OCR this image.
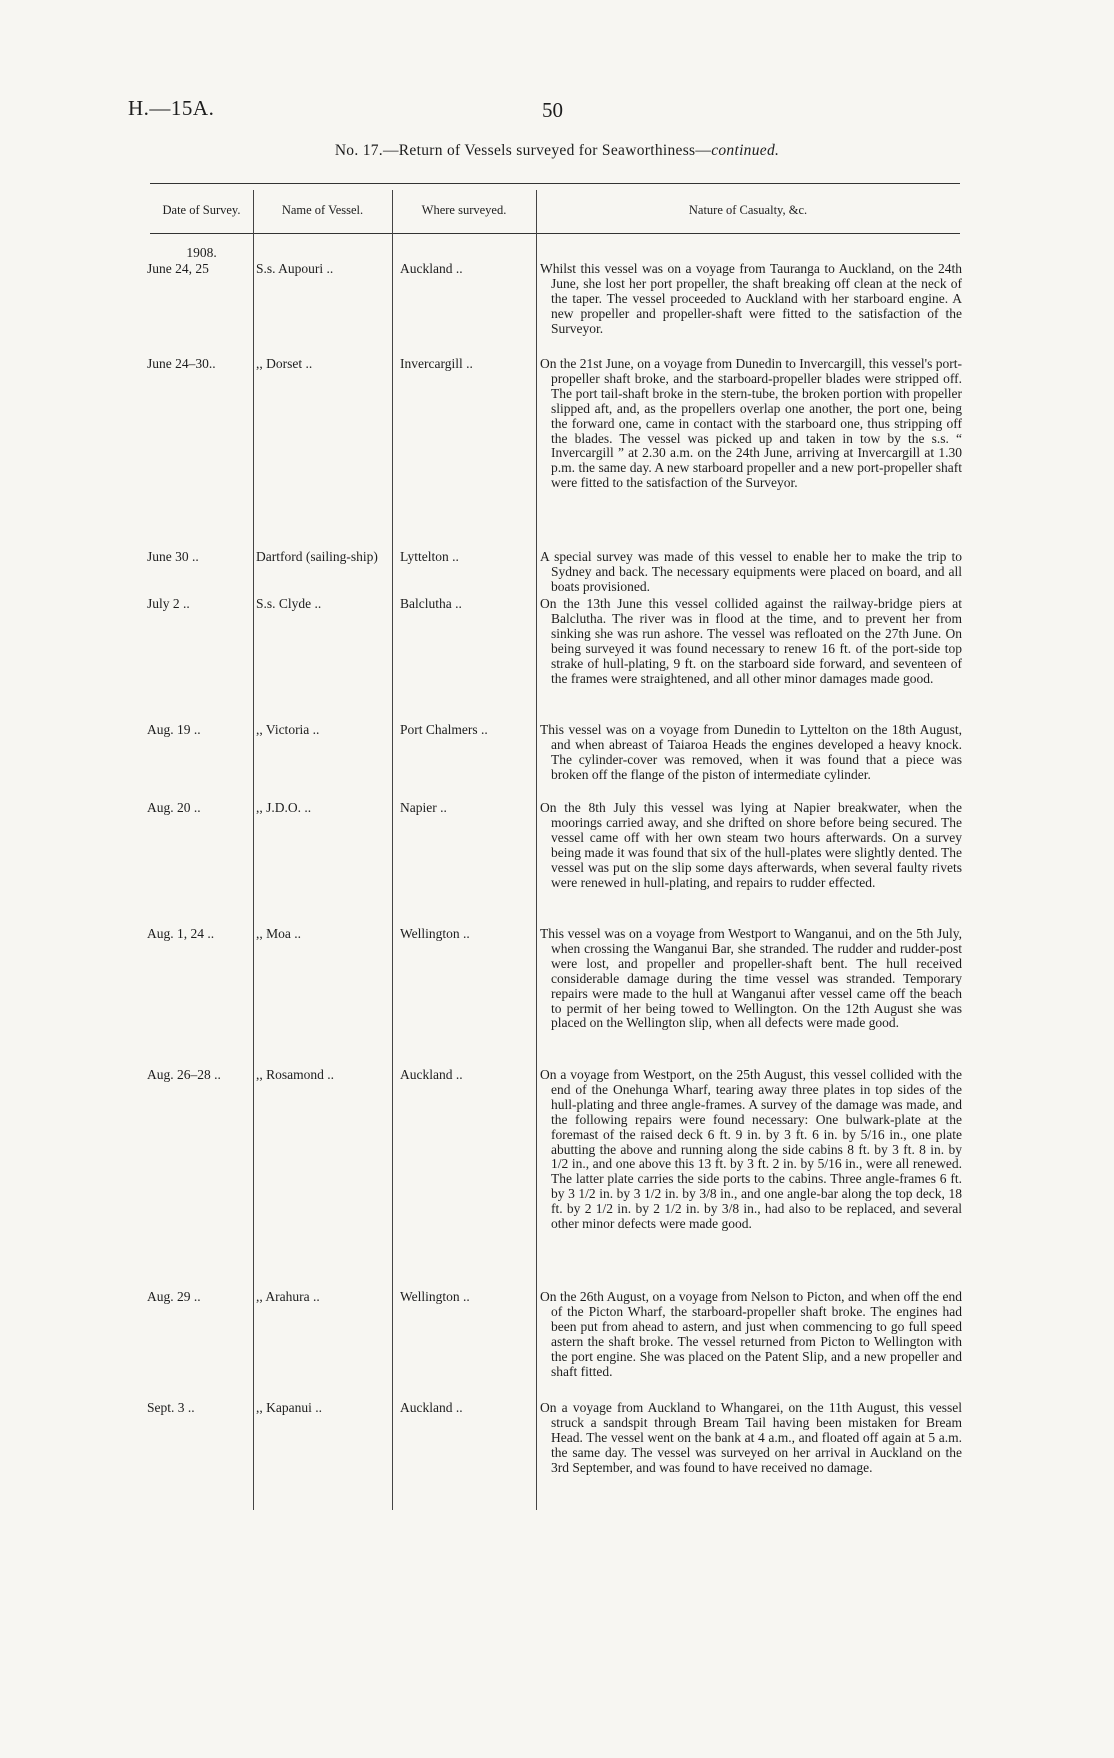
H.—15A.	50
No. 17.—Return of Vessels surveyed for Seaworthiness—continued.
Date of Survey.	Name of Vessel.	Where surveyed.	Nature of Casualty, &c.
1908.
June 24, 25	S.s. Aupouri ..	Auckland ..	Whilst this vessel was on a voyage from Tauranga to Auckland, on the 24th June, she lost her port propeller, the shaft breaking off clean at the neck of the taper. The vessel proceeded to Auckland with her starboard engine. A new propeller and propeller-shaft were fitted to the satisfaction of the Surveyor.
June 24–30..	,, Dorset ..	Invercargill ..	On the 21st June, on a voyage from Dunedin to Invercargill, this vessel's port-propeller shaft broke, and the starboard-propeller blades were stripped off. The port tail-shaft broke in the stern-tube, the broken portion with propeller slipped aft, and, as the propellers overlap one another, the port one, being the forward one, came in contact with the starboard one, thus stripping off the blades. The vessel was picked up and taken in tow by the s.s. “ Invercargill ” at 2.30 a.m. on the 24th June, arriving at Invercargill at 1.30 p.m. the same day. A new starboard propeller and a new port-propeller shaft were fitted to the satisfaction of the Surveyor.
June 30 ..	Dartford (sailing-ship)	Lyttelton ..	A special survey was made of this vessel to enable her to make the trip to Sydney and back. The necessary equipments were placed on board, and all boats provisioned.
July 2 ..	S.s. Clyde ..	Balclutha ..	On the 13th June this vessel collided against the railway-bridge piers at Balclutha. The river was in flood at the time, and to prevent her from sinking she was run ashore. The vessel was refloated on the 27th June. On being surveyed it was found necessary to renew 16 ft. of the port-side top strake of hull-plating, 9 ft. on the starboard side forward, and seventeen of the frames were straightened, and all other minor damages made good.
Aug. 19 ..	,, Victoria ..	Port Chalmers ..	This vessel was on a voyage from Dunedin to Lyttelton on the 18th August, and when abreast of Taiaroa Heads the engines developed a heavy knock. The cylinder-cover was removed, when it was found that a piece was broken off the flange of the piston of intermediate cylinder.
Aug. 20 ..	,, J.D.O. ..	Napier ..	On the 8th July this vessel was lying at Napier breakwater, when the moorings carried away, and she drifted on shore before being secured. The vessel came off with her own steam two hours afterwards. On a survey being made it was found that six of the hull-plates were slightly dented. The vessel was put on the slip some days afterwards, when several faulty rivets were renewed in hull-plating, and repairs to rudder effected.
Aug. 1, 24 ..	,, Moa ..	Wellington ..	This vessel was on a voyage from Westport to Wanganui, and on the 5th July, when crossing the Wanganui Bar, she stranded. The rudder and rudder-post were lost, and propeller and propeller-shaft bent. The hull received considerable damage during the time vessel was stranded. Temporary repairs were made to the hull at Wanganui after vessel came off the beach to permit of her being towed to Wellington. On the 12th August she was placed on the Wellington slip, when all defects were made good.
Aug. 26–28 ..	,, Rosamond ..	Auckland ..	On a voyage from Westport, on the 25th August, this vessel collided with the end of the Onehunga Wharf, tearing away three plates in top sides of the hull-plating and three angle-frames. A survey of the damage was made, and the following repairs were found necessary: One bulwark-plate at the foremast of the raised deck 6 ft. 9 in. by 3 ft. 6 in. by 5/16 in., one plate abutting the above and running along the side cabins 8 ft. by 3 ft. 8 in. by 1/2 in., and one above this 13 ft. by 3 ft. 2 in. by 5/16 in., were all renewed. The latter plate carries the side ports to the cabins. Three angle-frames 6 ft. by 3 1/2 in. by 3 1/2 in. by 3/8 in., and one angle-bar along the top deck, 18 ft. by 2 1/2 in. by 2 1/2 in. by 3/8 in., had also to be replaced, and several other minor defects were made good.
Aug. 29 ..	,, Arahura ..	Wellington ..	On the 26th August, on a voyage from Nelson to Picton, and when off the end of the Picton Wharf, the starboard-propeller shaft broke. The engines had been put from ahead to astern, and just when commencing to go full speed astern the shaft broke. The vessel returned from Picton to Wellington with the port engine. She was placed on the Patent Slip, and a new propeller and shaft fitted.
Sept. 3 ..	,, Kapanui ..	Auckland ..	On a voyage from Auckland to Whangarei, on the 11th August, this vessel struck a sandspit through Bream Tail having been mistaken for Bream Head. The vessel went on the bank at 4 a.m., and floated off again at 5 a.m. the same day. The vessel was surveyed on her arrival in Auckland on the 3rd September, and was found to have received no damage.
